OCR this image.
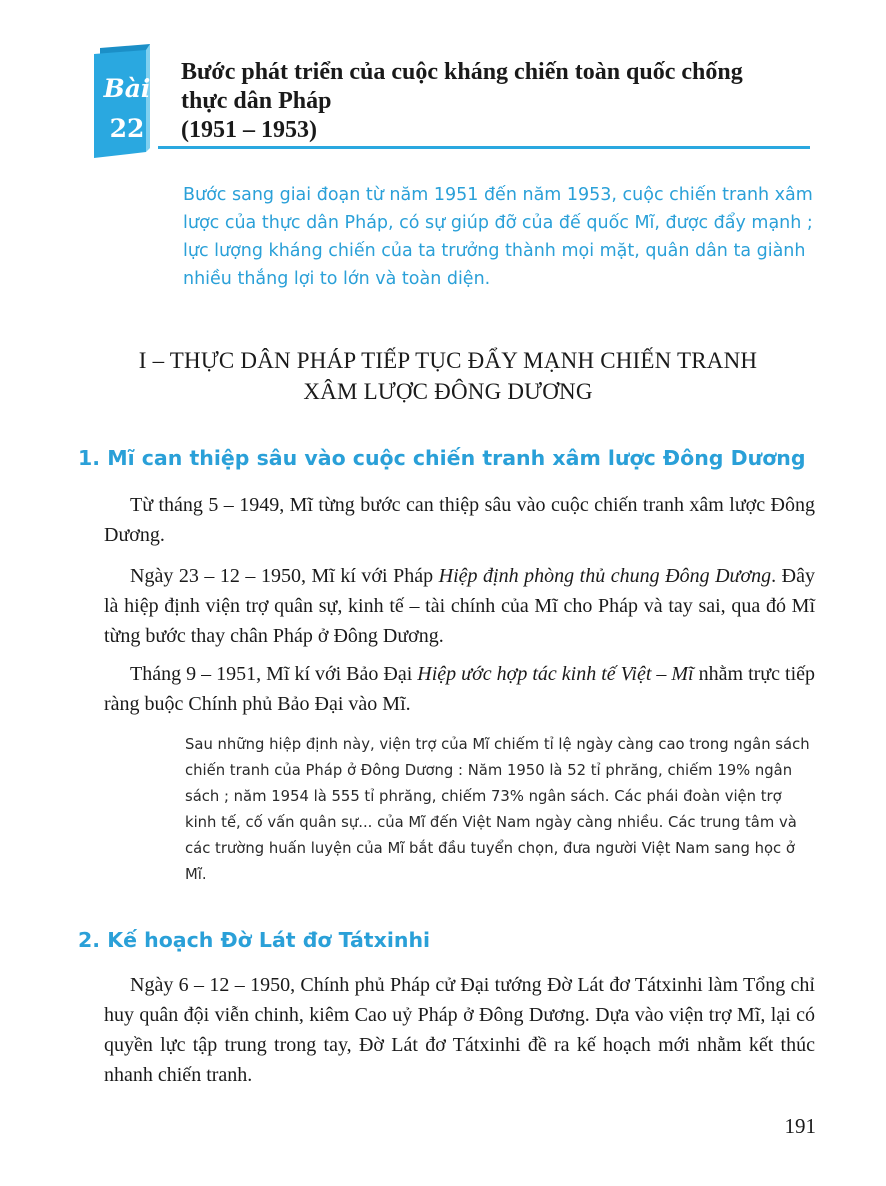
Bài
22
Bước phát triển của cuộc kháng chiến toàn quốc chống
thực dân Pháp
(1951 – 1953)
Bước sang giai đoạn từ năm 1951 đến năm 1953, cuộc chiến tranh xâm lược của thực dân Pháp, có sự giúp đỡ của đế quốc Mĩ, được đẩy mạnh ; lực lượng kháng chiến của ta trưởng thành mọi mặt, quân dân ta giành nhiều thắng lợi to lớn và toàn diện.
I – THỰC DÂN PHÁP TIẾP TỤC ĐẨY MẠNH CHIẾN TRANH
XÂM LƯỢC ĐÔNG DƯƠNG
1. Mĩ can thiệp sâu vào cuộc chiến tranh xâm lược Đông Dương
Từ tháng 5 – 1949, Mĩ từng bước can thiệp sâu vào cuộc chiến tranh xâm lược Đông Dương.
Ngày 23 – 12 – 1950, Mĩ kí với Pháp Hiệp định phòng thủ chung Đông Dương. Đây là hiệp định viện trợ quân sự, kinh tế – tài chính của Mĩ cho Pháp và tay sai, qua đó Mĩ từng bước thay chân Pháp ở Đông Dương.
Tháng 9 – 1951, Mĩ kí với Bảo Đại Hiệp ước hợp tác kinh tế Việt – Mĩ nhằm trực tiếp ràng buộc Chính phủ Bảo Đại vào Mĩ.
Sau những hiệp định này, viện trợ của Mĩ chiếm tỉ lệ ngày càng cao trong ngân sách chiến tranh của Pháp ở Đông Dương : Năm 1950 là 52 tỉ phrăng, chiếm 19% ngân sách ; năm 1954 là 555 tỉ phrăng, chiếm 73% ngân sách. Các phái đoàn viện trợ kinh tế, cố vấn quân sự... của Mĩ đến Việt Nam ngày càng nhiều. Các trung tâm và các trường huấn luyện của Mĩ bắt đầu tuyển chọn, đưa người Việt Nam sang học ở Mĩ.
2. Kế hoạch Đờ Lát đơ Tátxinhi
Ngày 6 – 12 – 1950, Chính phủ Pháp cử Đại tướng Đờ Lát đơ Tátxinhi làm Tổng chỉ huy quân đội viễn chinh, kiêm Cao uỷ Pháp ở Đông Dương. Dựa vào viện trợ Mĩ, lại có quyền lực tập trung trong tay, Đờ Lát đơ Tátxinhi đề ra kế hoạch mới nhằm kết thúc nhanh chiến tranh.
191
